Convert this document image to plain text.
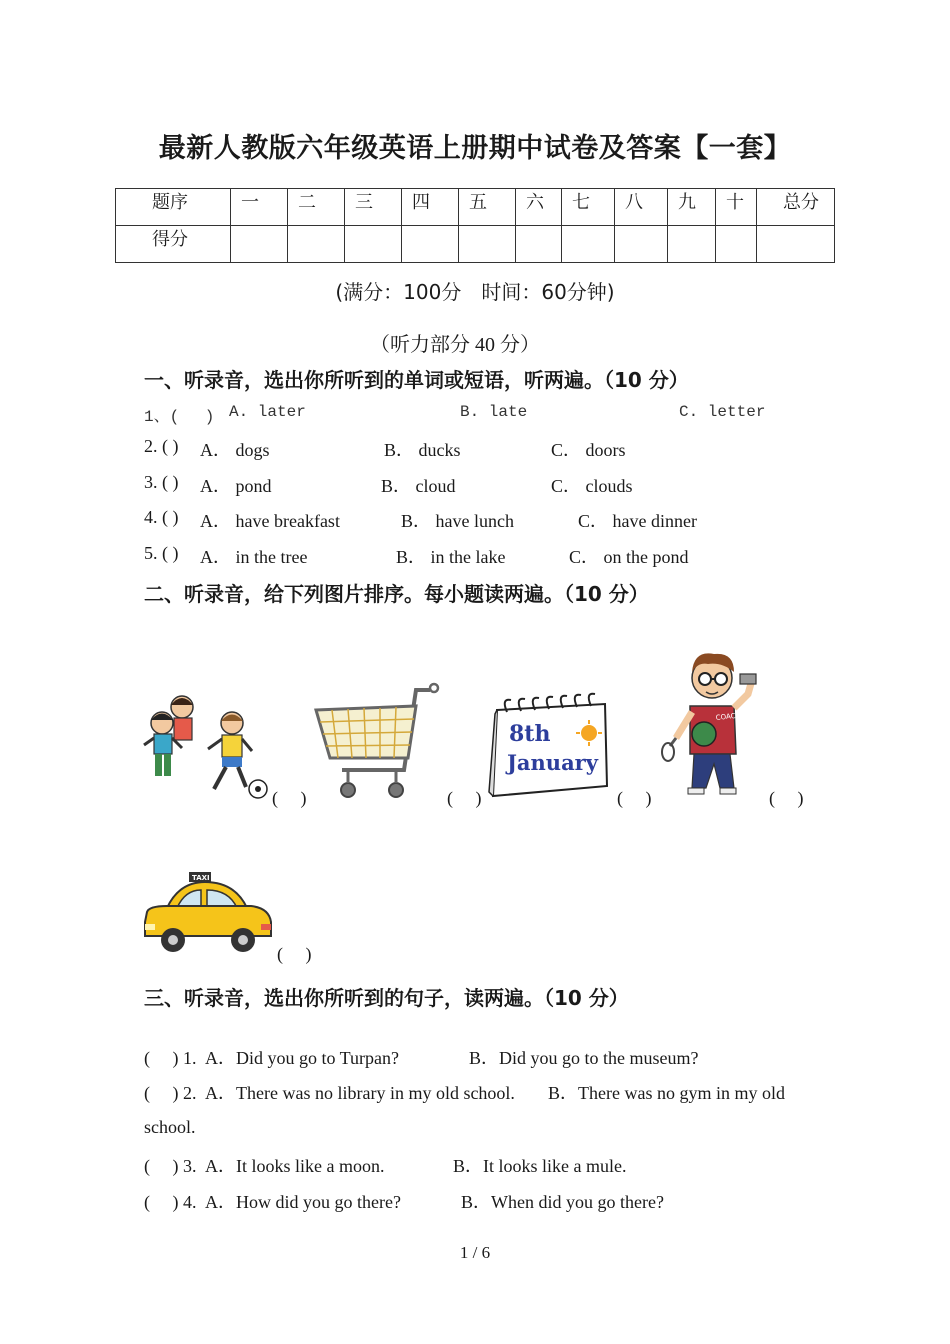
最新人教版六年级英语上册期中试卷及答案【一套】
题序	一	二	三	四	五	六	七	八	九	十	总分
得分											
(满分：100分　时间：60分钟)
（听力部分 40 分）
一、听录音，选出你所听到的单词或短语，听两遍。（10 分）
1、(　 ) A. later	B. late	C. letter
2. ( ) A． dogs	B． ducks	C． doors
3. ( ) A． pond	B． cloud	C． clouds
4. ( ) A． have breakfast	B． have lunch	C． have dinner
5. ( ) A． in the tree	B． in the lake	C． on the pond
二、听录音，给下列图片排序。每小题读两遍。（10 分）
(　 )	(　 )
8th
January
(　 )
COACH
(　 )
TAXI
(　 )
三、听录音，选出你所听到的句子，读两遍。（10 分）
(　 ) 1. A．Did you go to Turpan?	B．Did you go to the museum?
(　 ) 2. A．There was no library in my old school. B．There was no gym in my old
school.
(　 ) 3. A．It looks like a moon.	B．It looks like a mule.
(　 ) 4. A．How did you go there?	B．When did you go there?
1 / 6
